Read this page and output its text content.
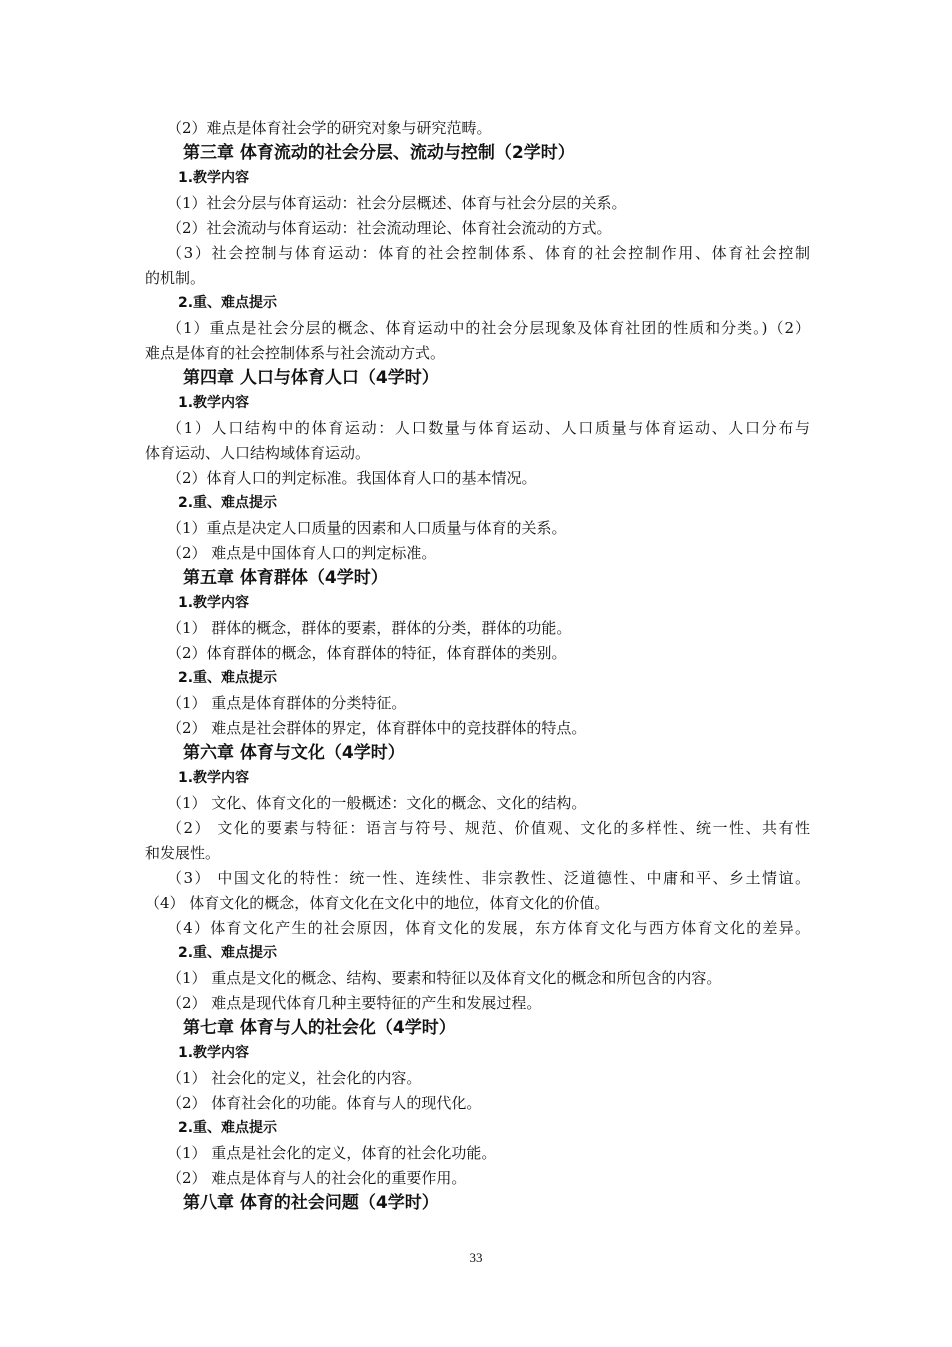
（2）难点是体育社会学的研究对象与研究范畴。
第三章 体育流动的社会分层、流动与控制（2学时）
1.教学内容
（1）社会分层与体育运动：社会分层概述、体育与社会分层的关系。
（2）社会流动与体育运动：社会流动理论、体育社会流动的方式。
（3）社会控制与体育运动：体育的社会控制体系、体育的社会控制作用、体育社会控制
的机制。
2.重、难点提示
（1）重点是社会分层的概念、体育运动中的社会分层现象及体育社团的性质和分类。)（2）
难点是体育的社会控制体系与社会流动方式。
第四章 人口与体育人口（4学时）
1.教学内容
（1）人口结构中的体育运动：人口数量与体育运动、人口质量与体育运动、人口分布与
体育运动、人口结构域体育运动。
（2）体育人口的判定标准。我国体育人口的基本情况。
2.重、难点提示
（1）重点是决定人口质量的因素和人口质量与体育的关系。
（2） 难点是中国体育人口的判定标准。
第五章 体育群体（4学时）
1.教学内容
（1） 群体的概念，群体的要素，群体的分类，群体的功能。
（2）体育群体的概念，体育群体的特征，体育群体的类别。
2.重、难点提示
（1） 重点是体育群体的分类特征。
（2） 难点是社会群体的界定，体育群体中的竞技群体的特点。
第六章 体育与文化（4学时）
1.教学内容
（1） 文化、体育文化的一般概述：文化的概念、文化的结构。
（2） 文化的要素与特征：语言与符号、规范、价值观、文化的多样性、统一性、共有性
和发展性。
（3） 中国文化的特性：统一性、连续性、非宗教性、泛道德性、中庸和平、乡土情谊。
（4） 体育文化的概念，体育文化在文化中的地位，体育文化的价值。
（4）体育文化产生的社会原因，体育文化的发展，东方体育文化与西方体育文化的差异。
2.重、难点提示
（1） 重点是文化的概念、结构、要素和特征以及体育文化的概念和所包含的内容。
（2） 难点是现代体育几种主要特征的产生和发展过程。
第七章 体育与人的社会化（4学时）
1.教学内容
（1） 社会化的定义，社会化的内容。
（2） 体育社会化的功能。体育与人的现代化。
2.重、难点提示
（1） 重点是社会化的定义，体育的社会化功能。
（2） 难点是体育与人的社会化的重要作用。
第八章 体育的社会问题（4学时）
33
